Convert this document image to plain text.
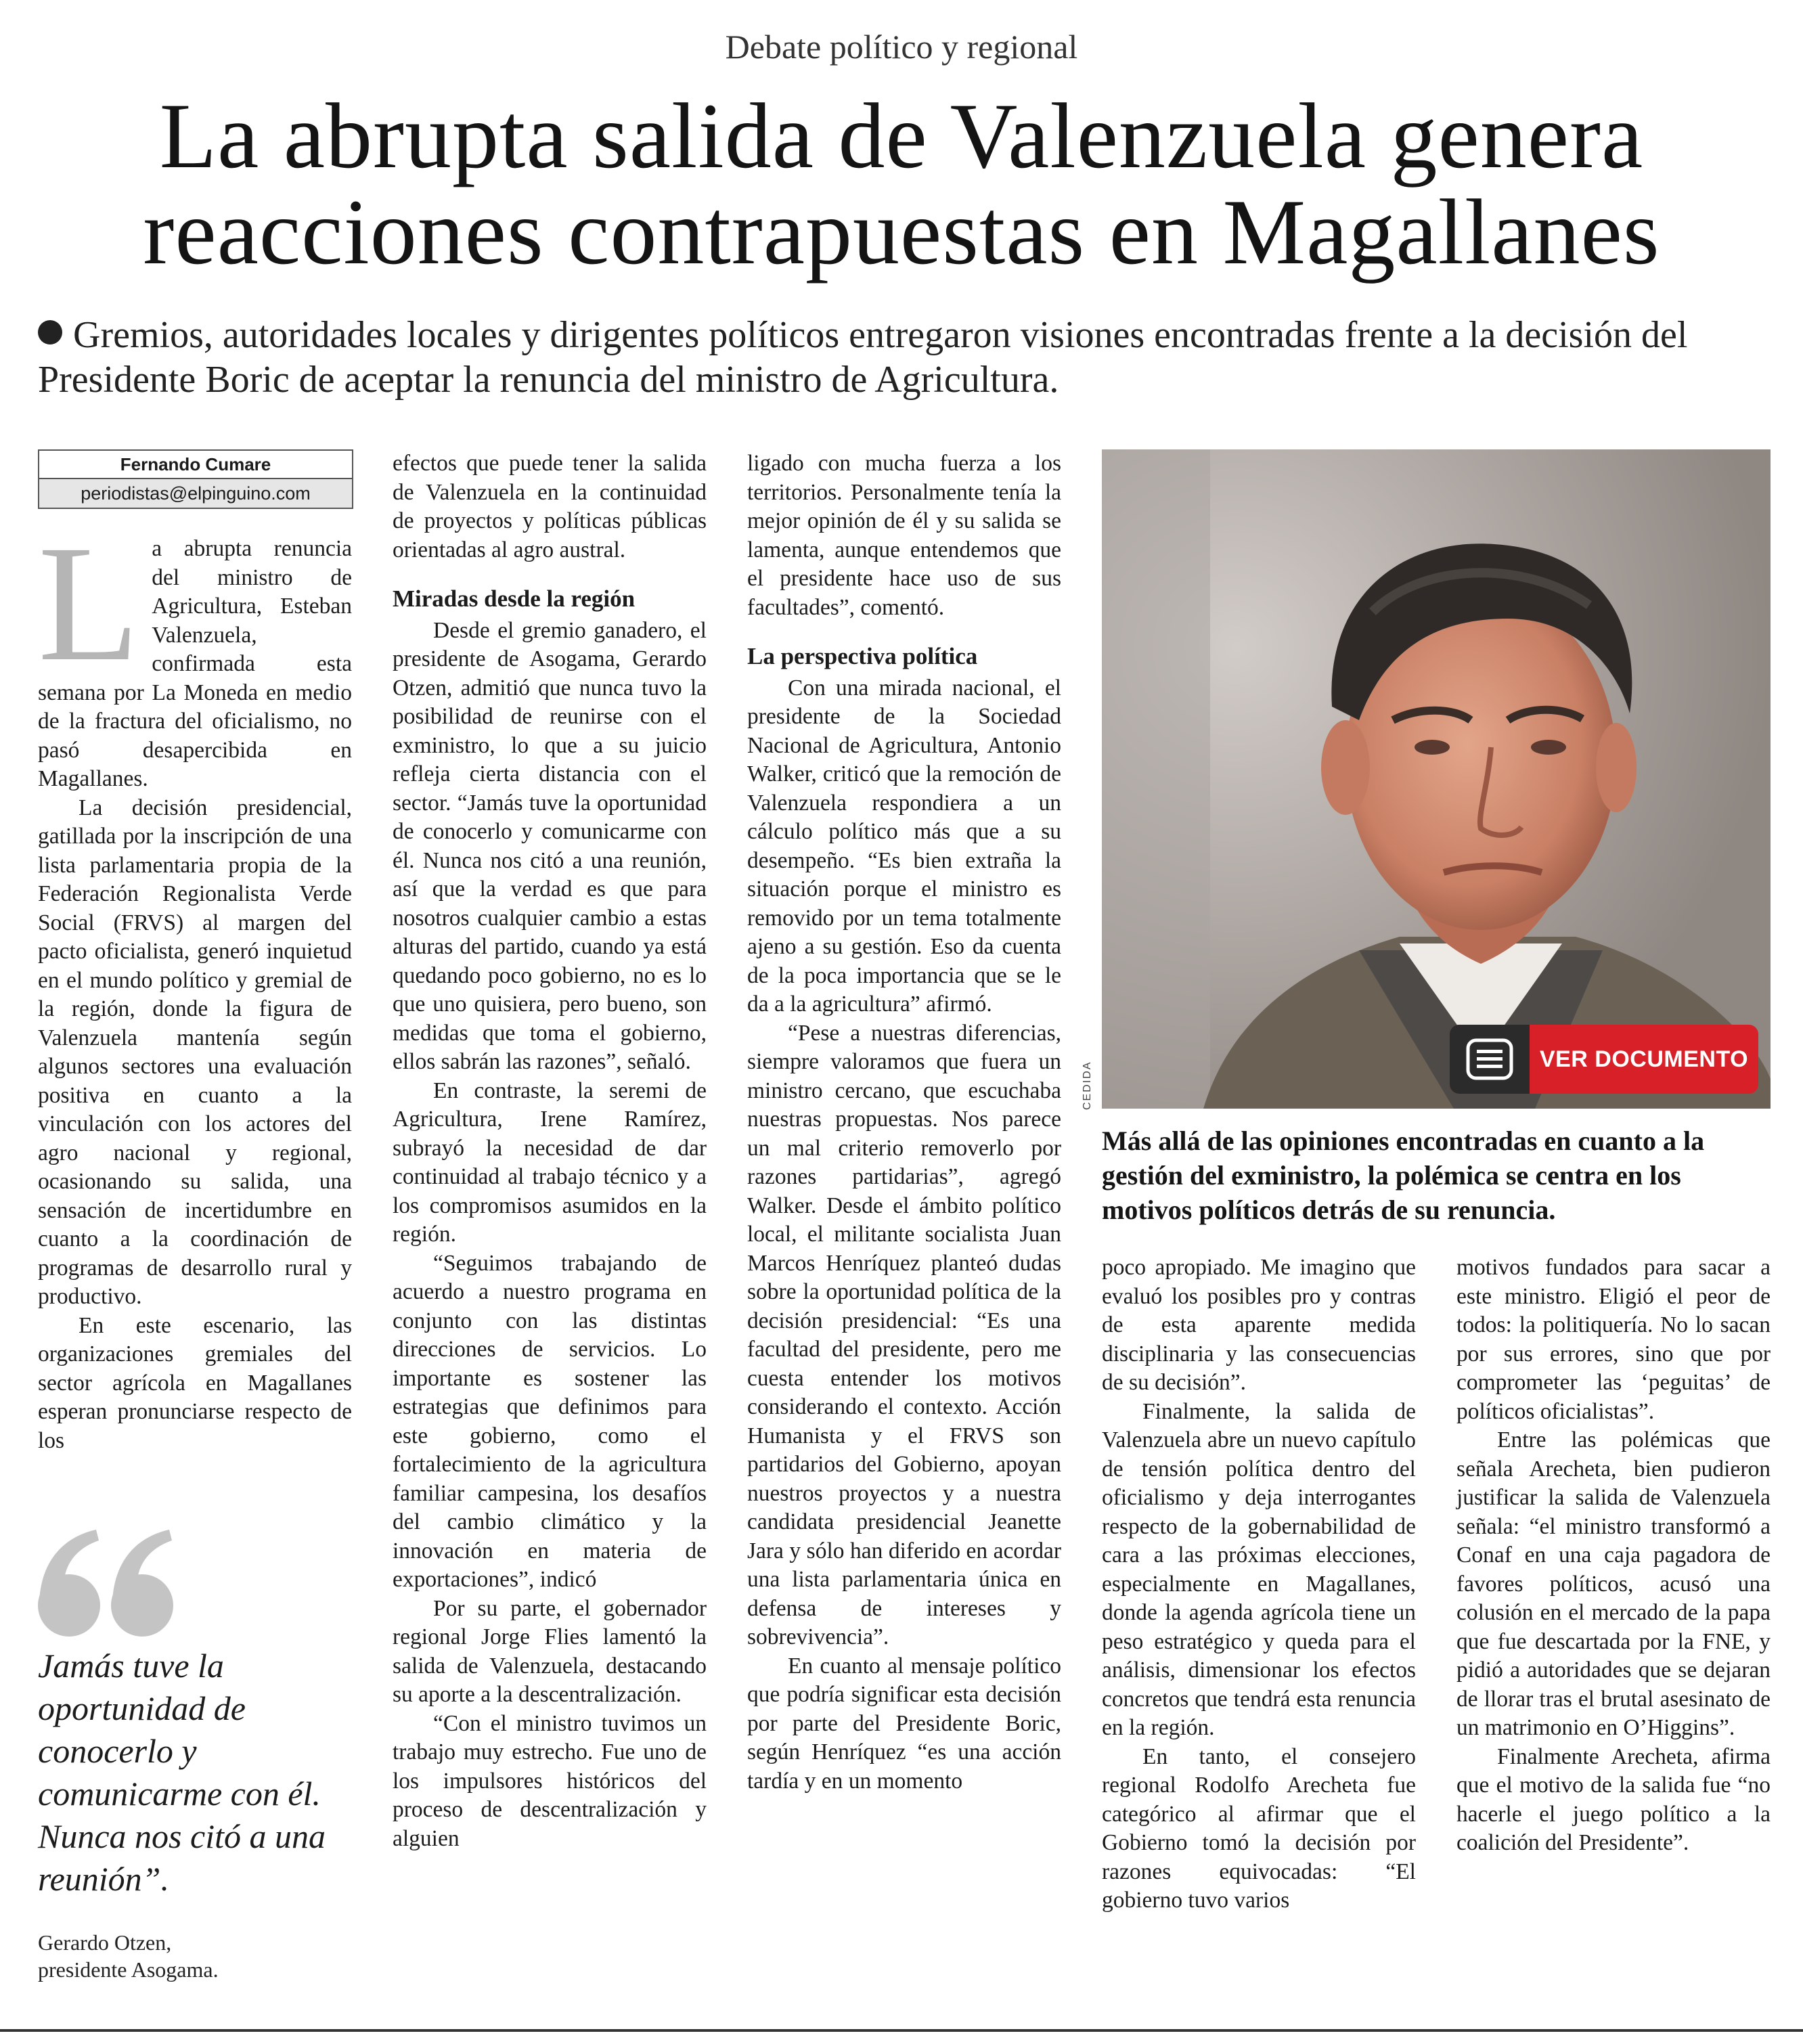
Debate político y regional
La abrupta salida de Valenzuela genera
reacciones contrapuestas en Magallanes
Gremios, autoridades locales y dirigentes políticos entregaron visiones encontradas frente a la decisión del Presidente Boric de aceptar la renuncia del ministro de Agricultura.
Fernando Cumare
periodistas@elpinguino.com

La abrupta renuncia del ministro de Agricultura, Esteban Valenzuela, confirmada esta semana por La Moneda en medio de la fractura del oficialismo, no pasó desapercibida en Magallanes.

La decisión presidencial, gatillada por la inscripción de una lista parlamentaria propia de la Federación Regionalista Verde Social (FRVS) al margen del pacto oficialista, generó inquietud en el mundo político y gremial de la región, donde la figura de Valenzuela mantenía según algunos sectores una evaluación positiva en cuanto a la vinculación con los actores del agro nacional y regional, ocasionando su salida, una sensación de incertidumbre en cuanto a la coordinación de programas de desarrollo rural y productivo.

En este escenario, las organizaciones gremiales del sector agrícola en Magallanes esperan pronunciarse respecto de los

Jamás tuve la oportunidad de conocerlo y comunicarme con él. Nunca nos citó a una reunión”.
Gerardo Otzen,
presidente Asogama.

efectos que puede tener la salida de Valenzuela en la continuidad de proyectos y políticas públicas orientadas al agro austral.

Miradas desde la región

Desde el gremio ganadero, el presidente de Asogama, Gerardo Otzen, admitió que nunca tuvo la posibilidad de reunirse con el exministro, lo que a su juicio refleja cierta distancia con el sector. “Jamás tuve la oportunidad de conocerlo y comunicarme con él. Nunca nos citó a una reunión, así que la verdad es que para nosotros cualquier cambio a estas alturas del partido, cuando ya está quedando poco gobierno, no es lo que uno quisiera, pero bueno, son medidas que toma el gobierno, ellos sabrán las razones”, señaló.

En contraste, la seremi de Agricultura, Irene Ramírez, subrayó la necesidad de dar continuidad al trabajo técnico y a los compromisos asumidos en la región.

“Seguimos trabajando de acuerdo a nuestro programa en conjunto con las distintas direcciones de servicios. Lo importante es sostener las estrategias que definimos para este gobierno, como el fortalecimiento de la agricultura familiar campesina, los desafíos del cambio climático y la innovación en materia de exportaciones”, indicó

Por su parte, el gobernador regional Jorge Flies lamentó la salida de Valenzuela, destacando su aporte a la descentralización.

“Con el ministro tuvimos un trabajo muy estrecho. Fue uno de los impulsores históricos del proceso de descentralización y alguien

ligado con mucha fuerza a los territorios. Personalmente tenía la mejor opinión de él y su salida se lamenta, aunque entendemos que el presidente hace uso de sus facultades”, comentó.

La perspectiva política

Con una mirada nacional, el presidente de la Sociedad Nacional de Agricultura, Antonio Walker, criticó que la remoción de Valenzuela respondiera a un cálculo político más que a su desempeño. “Es bien extraña la situación porque el ministro es removido por un tema totalmente ajeno a su gestión. Eso da cuenta de la poca importancia que se le da a la agricultura” afirmó.

“Pese a nuestras diferencias, siempre valoramos que fuera un ministro cercano, que escuchaba nuestras propuestas. Nos parece un mal criterio removerlo por razones partidarias”, agregó Walker. Desde el ámbito político local, el militante socialista Juan Marcos Henríquez planteó dudas sobre la oportunidad política de la decisión presidencial: “Es una facultad del presidente, pero me cuesta entender los motivos considerando el contexto. Acción Humanista y el FRVS son partidarios del Gobierno, apoyan nuestros proyectos y a nuestra candidata presidencial Jeanette Jara y sólo han diferido en acordar una lista parlamentaria única en defensa de intereses y sobrevivencia”.

En cuanto al mensaje político que podría significar esta decisión por parte del Presidente Boric, según Henríquez “es una acción tardía y en un momento

CEDIDA
VER DOCUMENTO
Más allá de las opiniones encontradas en cuanto a la gestión del exministro, la polémica se centra en los motivos políticos detrás de su renuncia.

poco apropiado. Me imagino que evaluó los posibles pro y contras de esta aparente medida disciplinaria y las consecuencias de su decisión”.

Finalmente, la salida de Valenzuela abre un nuevo capítulo de tensión política dentro del oficialismo y deja interrogantes respecto de la gobernabilidad de cara a las próximas elecciones, especialmente en Magallanes, donde la agenda agrícola tiene un peso estratégico y queda para el análisis, dimensionar los efectos concretos que tendrá esta renuncia en la región.

En tanto, el consejero regional Rodolfo Arecheta fue categórico al afirmar que el Gobierno tomó la decisión por razones equivocadas: “El gobierno tuvo varios

motivos fundados para sacar a este ministro. Eligió el peor de todos: la politiquería. No lo sacan por sus errores, sino que por comprometer las ‘peguitas’ de políticos oficialistas”.

Entre las polémicas que señala Arecheta, bien pudieron justificar la salida de Valenzuela señala: “el ministro transformó a Conaf en una caja pagadora de favores políticos, acusó una colusión en el mercado de la papa que fue descartada por la FNE, y pidió a autoridades que se dejaran de llorar tras el brutal asesinato de un matrimonio en O’Higgins”.

Finalmente Arecheta, afirma que el motivo de la salida fue “no hacerle el juego político a la coalición del Presidente”.
